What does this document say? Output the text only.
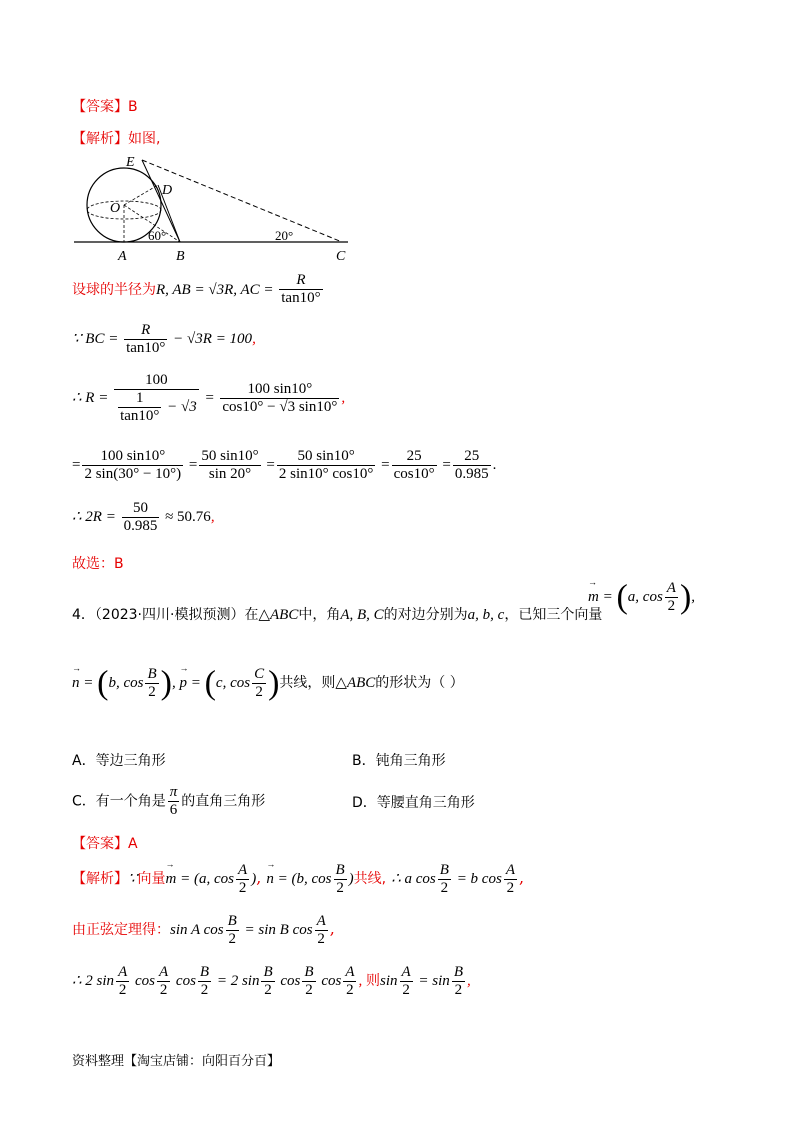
【答案】B
【解析】如图,
E
D
O
60°	20°
A	B	C
设球的半径为R, AB = √3R, AC = $\frac{R}{\tan 10^\circ}$
∵ BC = $\frac{R}{\tan 10^\circ} - √3R = 100$,
∴ $R = \frac{100}{\frac{1}{\tan 10^\circ} - √3} = \frac{100 \sin 10^\circ}{\cos 10^\circ - √3 \sin 10^\circ}$ ,
= $\frac{100 \sin 10^\circ}{2 \sin(30^\circ - 10^\circ)} = \frac{50 \sin 10^\circ}{\sin 20^\circ} = \frac{50 \sin 10^\circ}{2 \sin 10^\circ \cos 10^\circ} = \frac{25}{\cos 10^\circ} = \frac{25}{0.985}$ .
∴ $2R = \frac{50}{0.985} \approx 50.76$,
故选：B
4．（2023·四川·模拟预测）在△ABC中，角A, B, C的对边分别为a, b, c，已知三个向量
→ m = (a, $\cos \frac{A}{2}$ ),
→ n = (b, $\cos \frac{B}{2}$ ), → p = (c, $\cos \frac{C}{2}$ )共线，则△ABC的形状为（ ）
A．等边三角形	B．钝角三角形
C．有一个角是 $\frac{\pi}{6}$ 的直角三角形	D．等腰直角三角形
【答案】A
【解析】∵向量→ m = (a, $\cos \frac{A}{2}$ ), → n = (b, $\cos \frac{B}{2}$ )共线, ∴ a $\cos \frac{B}{2} = b$ $\cos \frac{A}{2}$ ,
由正弦定理得：sin A $\cos \frac{B}{2} = \sin B$ $\cos \frac{A}{2}$ ,
∴ 2 $\sin \frac{A}{2}$ $\cos \frac{A}{2}$ $\cos \frac{B}{2} = 2$ $\sin \frac{B}{2}$ $\cos \frac{B}{2}$ $\cos \frac{A}{2}$ , 则$\sin \frac{A}{2} = \sin \frac{B}{2}$ ,
资料整理【淘宝店铺：向阳百分百】
